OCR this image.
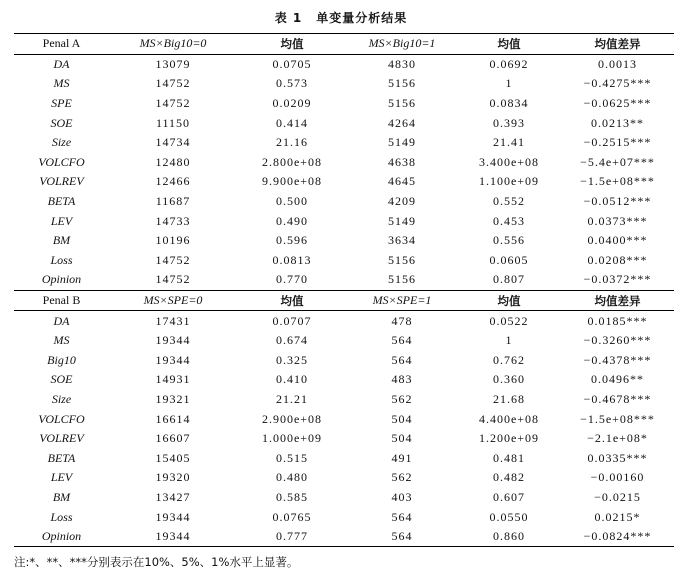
表 1 单变量分析结果
Penal A	MS×Big10=0	均值	MS×Big10=1	均值	均值差异
DA	13079	0.0705	4830	0.0692	0.0013
MS	14752	0.573	5156	1	−0.4275***
SPE	14752	0.0209	5156	0.0834	−0.0625***
SOE	11150	0.414	4264	0.393	0.0213**
Size	14734	21.16	5149	21.41	−0.2515***
VOLCFO	12480	2.800e+08	4638	3.400e+08	−5.4e+07***
VOLREV	12466	9.900e+08	4645	1.100e+09	−1.5e+08***
BETA	11687	0.500	4209	0.552	−0.0512***
LEV	14733	0.490	5149	0.453	0.0373***
BM	10196	0.596	3634	0.556	0.0400***
Loss	14752	0.0813	5156	0.0605	0.0208***
Opinion	14752	0.770	5156	0.807	−0.0372***
Penal B	MS×SPE=0	均值	MS×SPE=1	均值	均值差异
DA	17431	0.0707	478	0.0522	0.0185***
MS	19344	0.674	564	1	−0.3260***
Big10	19344	0.325	564	0.762	−0.4378***
SOE	14931	0.410	483	0.360	0.0496**
Size	19321	21.21	562	21.68	−0.4678***
VOLCFO	16614	2.900e+08	504	4.400e+08	−1.5e+08***
VOLREV	16607	1.000e+09	504	1.200e+09	−2.1e+08*
BETA	15405	0.515	491	0.481	0.0335***
LEV	19320	0.480	562	0.482	−0.00160
BM	13427	0.585	403	0.607	−0.0215
Loss	19344	0.0765	564	0.0550	0.0215*
Opinion	19344	0.777	564	0.860	−0.0824***
注:*、**、***分别表示在10%、5%、1%水平上显著。
